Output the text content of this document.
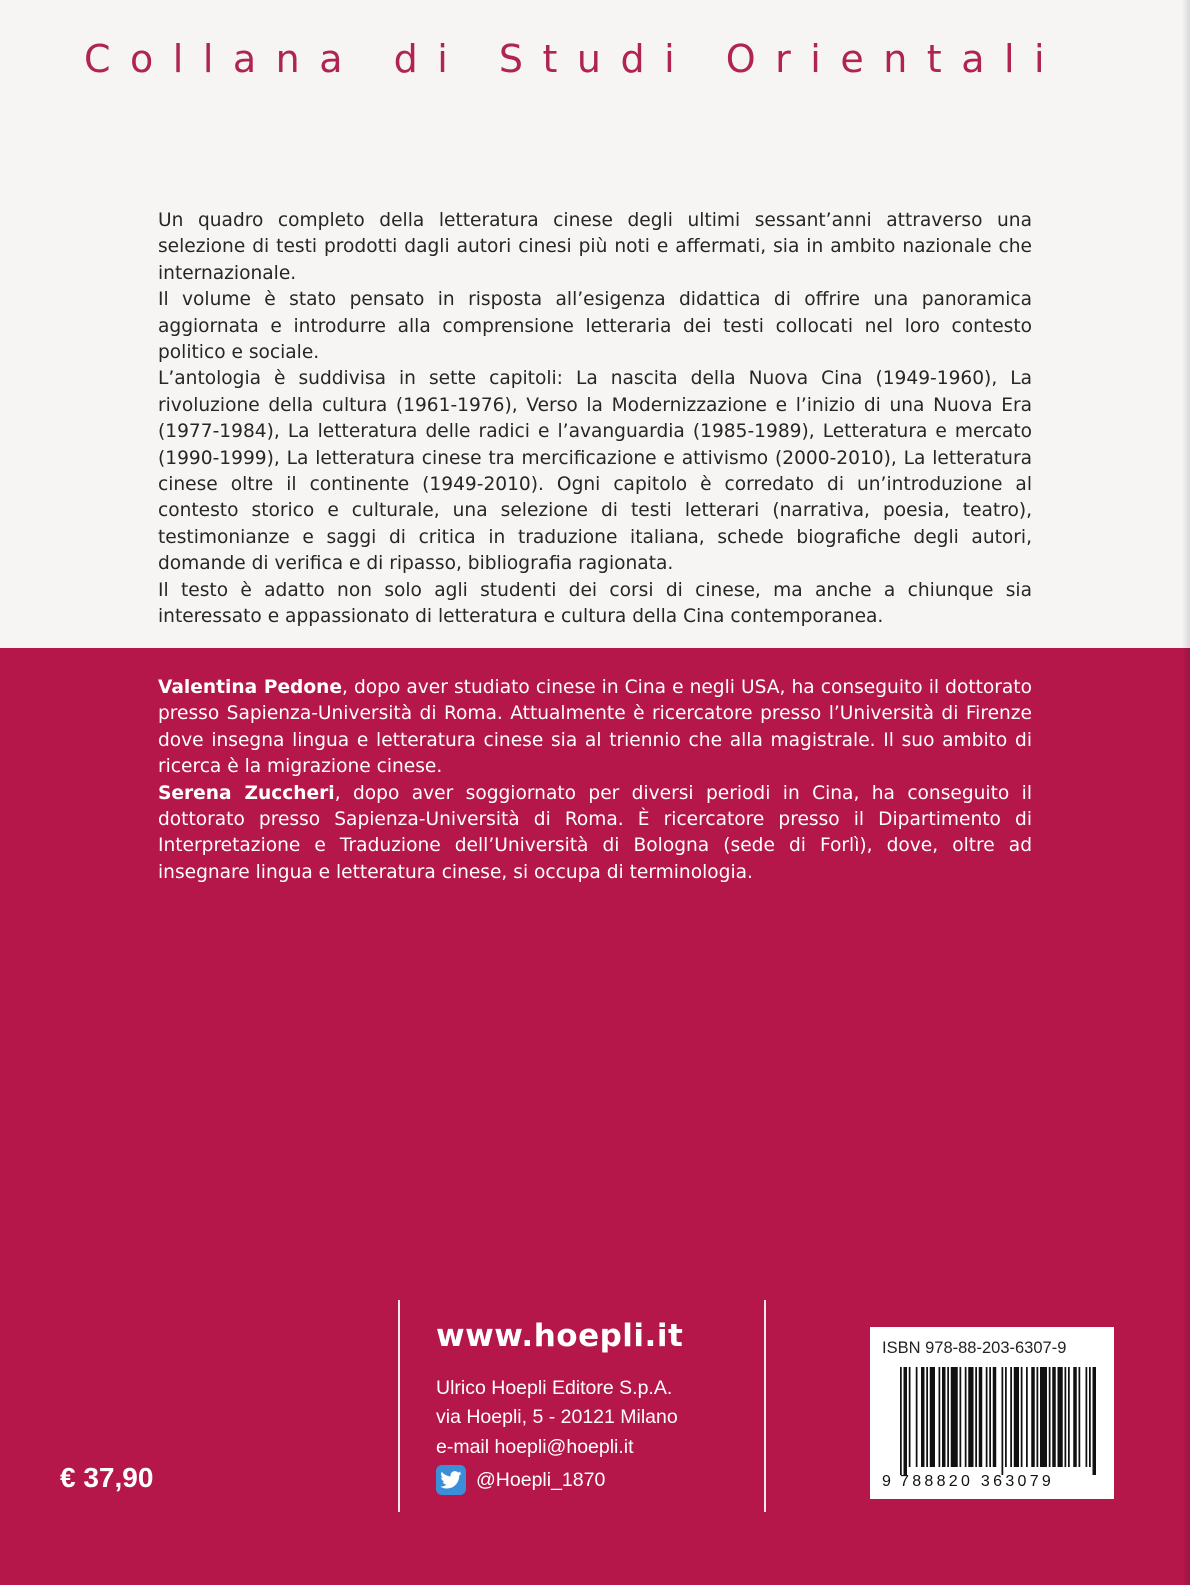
Collana di Studi Orientali

Un quadro completo della letteratura cinese degli ultimi sessant’anni attraverso una selezione di testi prodotti dagli autori cinesi più noti e affermati, sia in ambito nazionale che internazionale.

Il volume è stato pensato in risposta all’esigenza didattica di offrire una panoramica aggiornata e introdurre alla comprensione letteraria dei testi collocati nel loro contesto politico e sociale.

L’antologia è suddivisa in sette capitoli: La nascita della Nuova Cina (1949-1960), La rivoluzione della cultura (1961-1976), Verso la Modernizzazione e l’inizio di una Nuova Era (1977-1984), La letteratura delle radici e l’avanguardia (1985-1989), Letteratura e mercato (1990-1999), La letteratura cinese tra mercificazione e attivismo (2000-2010), La letteratura cinese oltre il continente (1949-2010). Ogni capitolo è corredato di un’introduzione al contesto storico e culturale, una selezione di testi letterari (narrativa, poesia, teatro), testimonianze e saggi di critica in traduzione italiana, schede biografiche degli autori, domande di verifica e di ripasso, bibliografia ragionata.

Il testo è adatto non solo agli studenti dei corsi di cinese, ma anche a chiunque sia interessato e appassionato di letteratura e cultura della Cina contemporanea.

Valentina Pedone, dopo aver studiato cinese in Cina e negli USA, ha conseguito il dottorato presso Sapienza-Università di Roma. Attualmente è ricercatore presso l’Università di Firenze dove insegna lingua e letteratura cinese sia al triennio che alla magistrale. Il suo ambito di ricerca è la migrazione cinese.

Serena Zuccheri, dopo aver soggiornato per diversi periodi in Cina, ha conseguito il dottorato presso Sapienza-Università di Roma. È ricercatore presso il Dipartimento di Interpretazione e Traduzione dell’Università di Bologna (sede di Forlì), dove, oltre ad insegnare lingua e letteratura cinese, si occupa di terminologia.

www.hoepli.it
Ulrico Hoepli Editore S.p.A.
via Hoepli, 5 - 20121 Milano
e-mail hoepli@hoepli.it
@Hoepli_1870
€ 37,90
ISBN 978-88-203-6307-9
9 788820 363079
